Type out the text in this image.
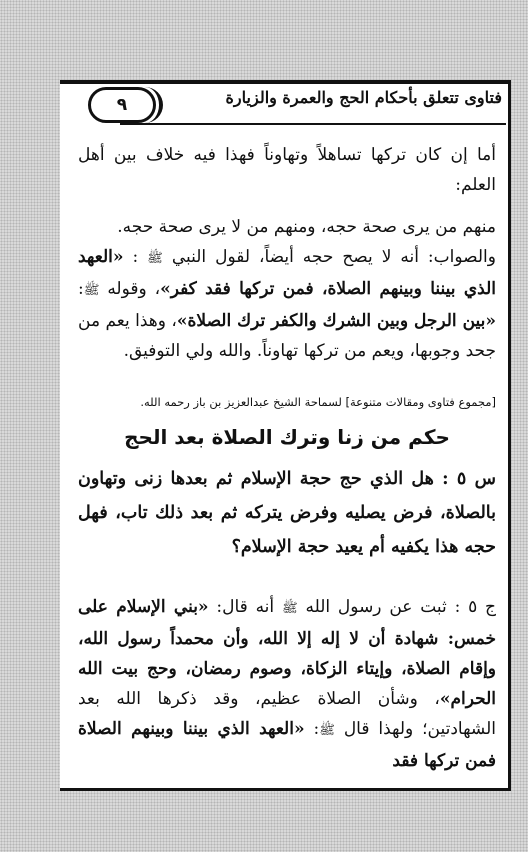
فتاوى تتعلق بأحكام الحج والعمرة والزيارة
٩

أما إن كان تركها تساهلاً وتهاوناً فهذا فيه خلاف بين أهل العلم:

منهم من يرى صحة حجه، ومنهم من لا يرى صحة حجه.

والصواب: أنه لا يصح حجه أيضاً، لقول النبي ﷺ : «العهد الذي بيننا وبينهم الصلاة، فمن تركها فقد كفر»، وقوله ﷺ: «بين الرجل وبين الشرك والكفر ترك الصلاة»، وهذا يعم من جحد وجوبها، ويعم من تركها تهاوناً. والله ولي التوفيق.

[مجموع فتاوى ومقالات متنوعة] لسماحة الشيخ عبدالعزيز بن باز رحمه الله.

حكم من زنا وترك الصلاة بعد الحج

س ٥ : هل الذي حج حجة الإسلام ثم بعدها زنى وتهاون بالصلاة، فرض يصليه وفرض يتركه ثم بعد ذلك تاب، فهل حجه هذا يكفيه أم يعيد حجة الإسلام؟

ج ٥ : ثبت عن رسول الله ﷺ أنه قال: «بني الإسلام على خمس: شهادة أن لا إله إلا الله، وأن محمداً رسول الله، وإقام الصلاة، وإيتاء الزكاة، وصوم رمضان، وحج بيت الله الحرام»، وشأن الصلاة عظيم، وقد ذكرها الله بعد الشهادتين؛ ولهذا قال ﷺ: «العهد الذي بيننا وبينهم الصلاة فمن تركها فقد
